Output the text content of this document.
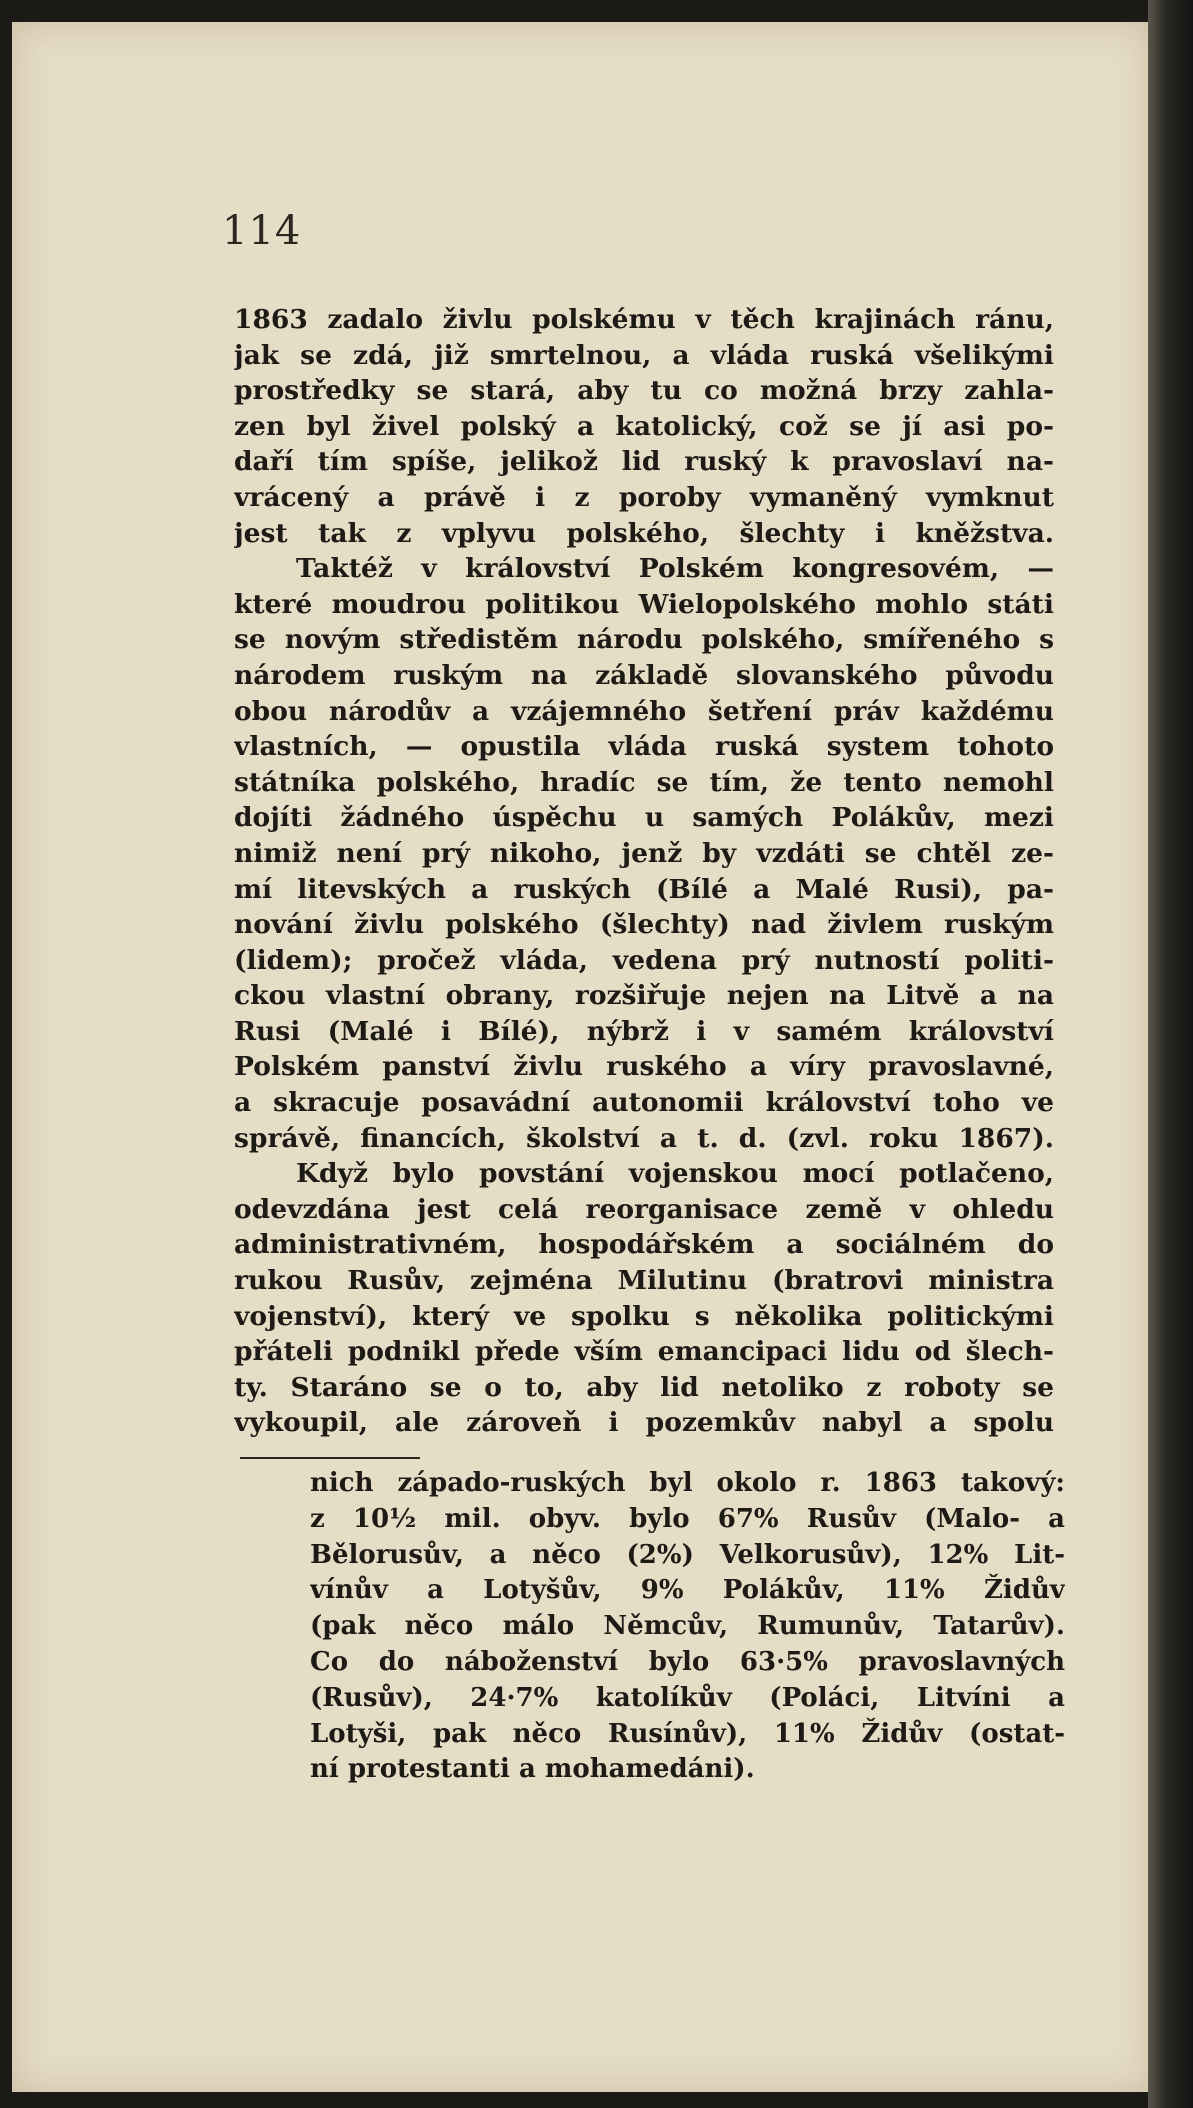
114
1863 zadalo živlu polskému v těch krajinách ránu,
jak se zdá, již smrtelnou, a vláda ruská všelikými
prostředky se stará, aby tu co možná brzy zahla-
zen byl živel polský a katolický, což se jí asi po-
daří tím spíše, jelikož lid ruský k pravoslaví na-
vrácený a právě i z poroby vymaněný vymknut
jest tak z vplyvu polského, šlechty i kněžstva.
Taktéž v království Polském kongresovém, —
které moudrou politikou Wielopolského mohlo státi
se novým středistěm národu polského, smířeného s
národem ruským na základě slovanského původu
obou národův a vzájemného šetření práv každému
vlastních, — opustila vláda ruská system tohoto
státníka polského, hradíc se tím, že tento nemohl
dojíti žádného úspěchu u samých Polákův, mezi
nimiž není prý nikoho, jenž by vzdáti se chtěl ze-
mí litevských a ruských (Bílé a Malé Rusi), pa-
nování živlu polského (šlechty) nad živlem ruským
(lidem); pročež vláda, vedena prý nutností politi-
ckou vlastní obrany, rozšiřuje nejen na Litvě a na
Rusi (Malé i Bílé), nýbrž i v samém království
Polském panství živlu ruského a víry pravoslavné,
a skracuje posavádní autonomii království toho ve
správě, financích, školství a t. d. (zvl. roku 1867).
Když bylo povstání vojenskou mocí potlačeno,
odevzdána jest celá reorganisace země v ohledu
administrativném, hospodářském a sociálném do
rukou Rusův, zejména Milutinu (bratrovi ministra
vojenství), který ve spolku s několika politickými
přáteli podnikl přede vším emancipaci lidu od šlech-
ty. Staráno se o to, aby lid netoliko z roboty se
vykoupil, ale zároveň i pozemkův nabyl a spolu
nich západo-ruských byl okolo r. 1863 takový:
z 10½ mil. obyv. bylo 67% Rusův (Malo- a
Bělorusův, a něco (2%) Velkorusův), 12% Lit-
vínův a Lotyšův, 9% Polákův, 11% Židův
(pak něco málo Němcův, Rumunův, Tatarův).
Co do náboženství bylo 63·5% pravoslavných
(Rusův), 24·7% katolíkův (Poláci, Litvíni a
Lotyši, pak něco Rusínův), 11% Židův (ostat-
ní protestanti a mohamedáni).
